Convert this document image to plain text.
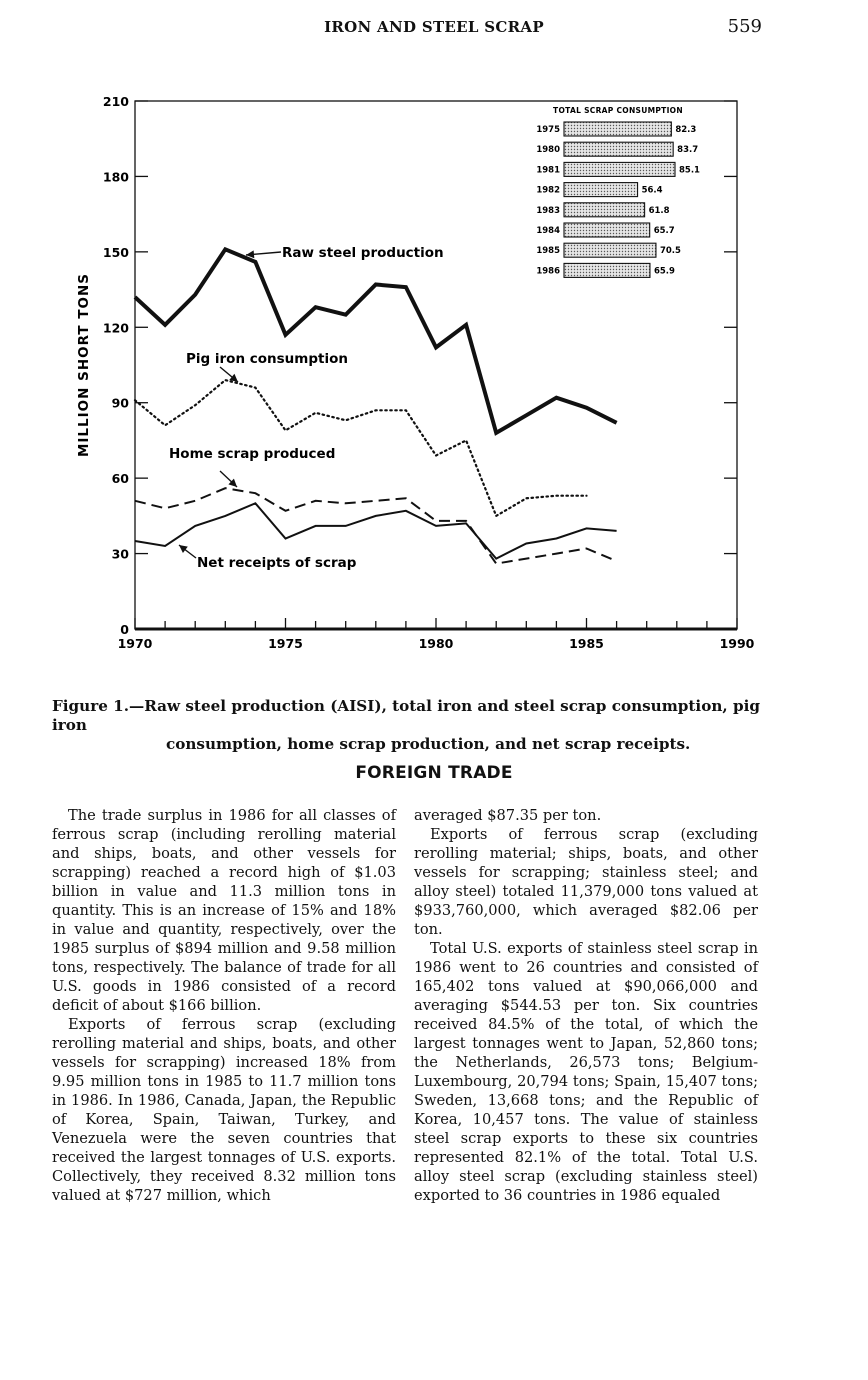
IRON AND STEEL SCRAP	559
0
30
60
90
120
150
180
210
MILLION SHORT TONS
1970	1975	1980	1985	1990
Raw steel production
Pig iron consumption
Home scrap produced
Net receipts of scrap
TOTAL SCRAP CONSUMPTION
1975	82.3
1980	83.7
1981	85.1
1982	56.4
1983	61.8
1984	65.7
1985	70.5
1986	65.9
Figure 1.—Raw steel production (AISI), total iron and steel scrap consumption, pig iron
consumption, home scrap production, and net scrap receipts.
FOREIGN TRADE

The trade surplus in 1986 for all classes of ferrous scrap (including rerolling material and ships, boats, and other vessels for scrapping) reached a record high of $1.03 billion in value and 11.3 million tons in quantity. This is an increase of 15% and 18% in value and quantity, respectively, over the 1985 surplus of $894 million and 9.58 million tons, respectively. The balance of trade for all U.S. goods in 1986 consisted of a record deficit of about $166 billion.

Exports of ferrous scrap (excluding rerolling material and ships, boats, and other vessels for scrapping) increased 18% from 9.95 million tons in 1985 to 11.7 million tons in 1986. In 1986, Canada, Japan, the Republic of Korea, Spain, Taiwan, Turkey, and Venezuela were the seven countries that received the largest tonnages of U.S. exports. Collectively, they received 8.32 million tons valued at $727 million, which

averaged $87.35 per ton.

Exports of ferrous scrap (excluding rerolling material; ships, boats, and other vessels for scrapping; stainless steel; and alloy steel) totaled 11,379,000 tons valued at $933,760,000, which averaged $82.06 per ton.

Total U.S. exports of stainless steel scrap in 1986 went to 26 countries and consisted of 165,402 tons valued at $90,066,000 and averaging $544.53 per ton. Six countries received 84.5% of the total, of which the largest tonnages went to Japan, 52,860 tons; the Netherlands, 26,573 tons; Belgium-Luxembourg, 20,794 tons; Spain, 15,407 tons; Sweden, 13,668 tons; and the Republic of Korea, 10,457 tons. The value of stainless steel scrap exports to these six countries represented 82.1% of the total. Total U.S. alloy steel scrap (excluding stainless steel) exported to 36 countries in 1986 equaled
